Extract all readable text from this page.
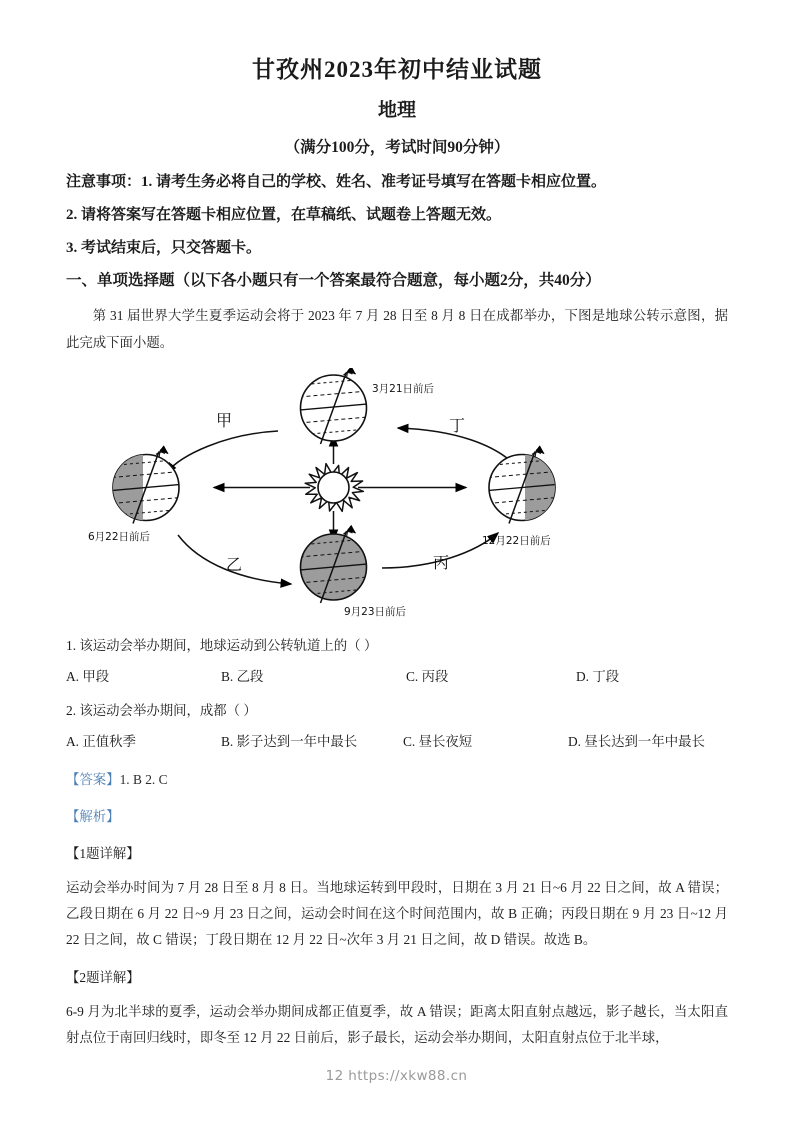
甘孜州2023年初中结业试题
地理
（满分100分，考试时间90分钟）
注意事项：1. 请考生务必将自己的学校、姓名、准考证号填写在答题卡相应位置。
2. 请将答案写在答题卡相应位置，在草稿纸、试题卷上答题无效。
3. 考试结束后，只交答题卡。
一、单项选择题（以下各小题只有一个答案最符合题意，每小题2分，共40分）
第 31 届世界大学生夏季运动会将于 2023 年 7 月 28 日至 8 月 8 日在成都举办，下图是地球公转示意图，据此完成下面小题。
3月21日前后
6月22日前后
9月23日前后
12月22日前后
甲
乙	丙
丁
1. 该运动会举办期间，地球运动到公转轨道上的（ ）
A. 甲段	B. 乙段	C. 丙段	D. 丁段
2. 该运动会举办期间，成都（ ）
A. 正值秋季	B. 影子达到一年中最长	C. 昼长夜短	D. 昼长达到一年中最长
【答案】1. B 2. C
【解析】
【1题详解】
运动会举办时间为 7 月 28 日至 8 月 8 日。当地球运转到甲段时，日期在 3 月 21 日~6 月 22 日之间，故 A 错误；乙段日期在 6 月 22 日~9 月 23 日之间，运动会时间在这个时间范围内，故 B 正确；丙段日期在 9 月 23 日~12 月 22 日之间，故 C 错误；丁段日期在 12 月 22 日~次年 3 月 21 日之间，故 D 错误。故选 B。
【2题详解】
6-9 月为北半球的夏季，运动会举办期间成都正值夏季，故 A 错误；距离太阳直射点越远，影子越长，当太阳直射点位于南回归线时，即冬至 12 月 22 日前后，影子最长，运动会举办期间，太阳直射点位于北半球，
12 https://xkw88.cn
